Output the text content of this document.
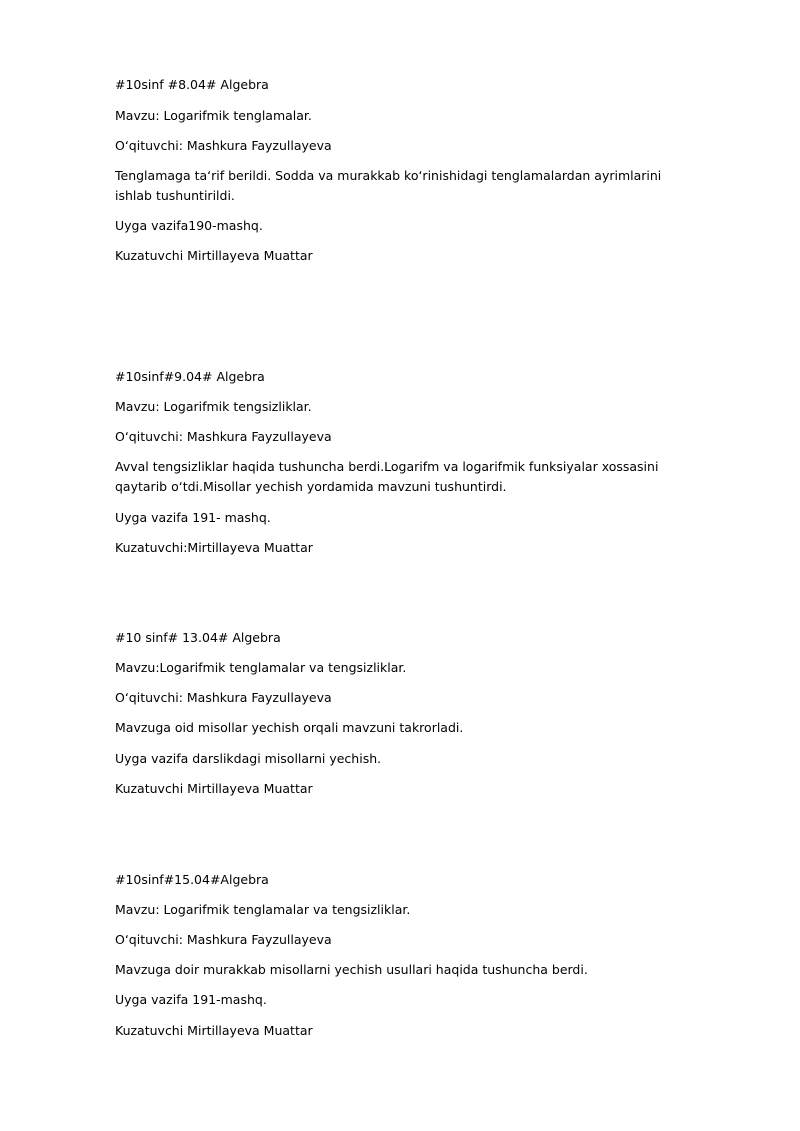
#10sinf #8.04# Algebra
Mavzu: Logarifmik tenglamalar.
O‘qituvchi: Mashkura Fayzullayeva
Tenglamaga ta‘rif berildi. Sodda va murakkab ko‘rinishidagi tenglamalardan ayrimlarini ishlab tushuntirildi.
Uyga vazifa190-mashq.
Kuzatuvchi Mirtillayeva Muattar
#10sinf#9.04# Algebra
Mavzu: Logarifmik tengsizliklar.
O‘qituvchi: Mashkura Fayzullayeva
Avval tengsizliklar haqida tushuncha berdi.Logarifm va logarifmik funksiyalar xossasini qaytarib o‘tdi.Misollar yechish yordamida mavzuni tushuntirdi.
Uyga vazifa 191- mashq.
Kuzatuvchi:Mirtillayeva Muattar
#10 sinf# 13.04# Algebra
Mavzu:Logarifmik tenglamalar va tengsizliklar.
O‘qituvchi: Mashkura Fayzullayeva
Mavzuga oid misollar yechish orqali mavzuni takrorladi.
Uyga vazifa darslikdagi misollarni yechish.
Kuzatuvchi Mirtillayeva Muattar
#10sinf#15.04#Algebra
Mavzu: Logarifmik tenglamalar va tengsizliklar.
O‘qituvchi: Mashkura Fayzullayeva
Mavzuga doir murakkab misollarni yechish usullari haqida tushuncha berdi.
Uyga vazifa 191-mashq.
Kuzatuvchi Mirtillayeva Muattar
